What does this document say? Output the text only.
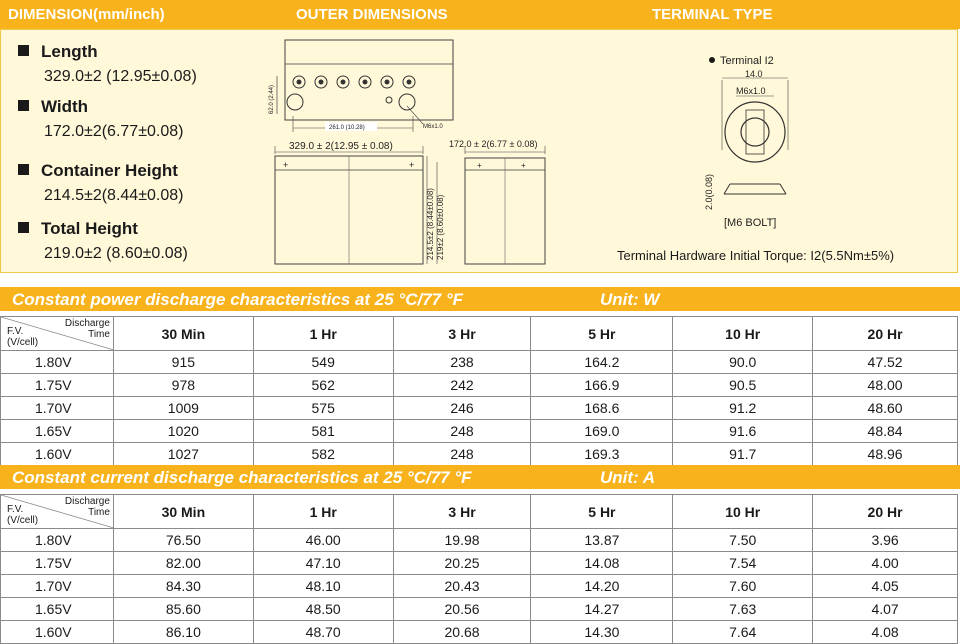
DIMENSION(mm/inch)	OUTER DIMENSIONS	TERMINAL TYPE
Length
329.0±2 (12.95±0.08)
Width
172.0±2(6.77±0.08)
Container Height
214.5±2(8.44±0.08)
Total Height
219.0±2 (8.60±0.08)
62.0 (2.44)
261.0 (10.28)	M6x1.0
329.0 ± 2(12.95 ± 0.08)
+	+
214.5±2 (8.44±0.08) 219±2 (8.60±0.08)
172.0 ± 2(6.77 ± 0.08)
+	+
Terminal I2
14.0
M6x1.0
2.0(0.08)
[M6 BOLT]
Terminal Hardware Initial Torque: I2(5.5Nm±5%)
Constant power discharge characteristics at 25 °C/77 °F	Unit: W
Discharge
Time
F.V.
(V/cell)	30 Min	1 Hr	3 Hr	5 Hr	10 Hr	20 Hr
1.80V	915	549	238	164.2	90.0	47.52
1.75V	978	562	242	166.9	90.5	48.00
1.70V	1009	575	246	168.6	91.2	48.60
1.65V	1020	581	248	169.0	91.6	48.84
1.60V	1027	582	248	169.3	91.7	48.96
Constant current discharge characteristics at 25 °C/77 °F	Unit: A
Discharge
Time
F.V.
(V/cell)	30 Min	1 Hr	3 Hr	5 Hr	10 Hr	20 Hr
1.80V	76.50	46.00	19.98	13.87	7.50	3.96
1.75V	82.00	47.10	20.25	14.08	7.54	4.00
1.70V	84.30	48.10	20.43	14.20	7.60	4.05
1.65V	85.60	48.50	20.56	14.27	7.63	4.07
1.60V	86.10	48.70	20.68	14.30	7.64	4.08
